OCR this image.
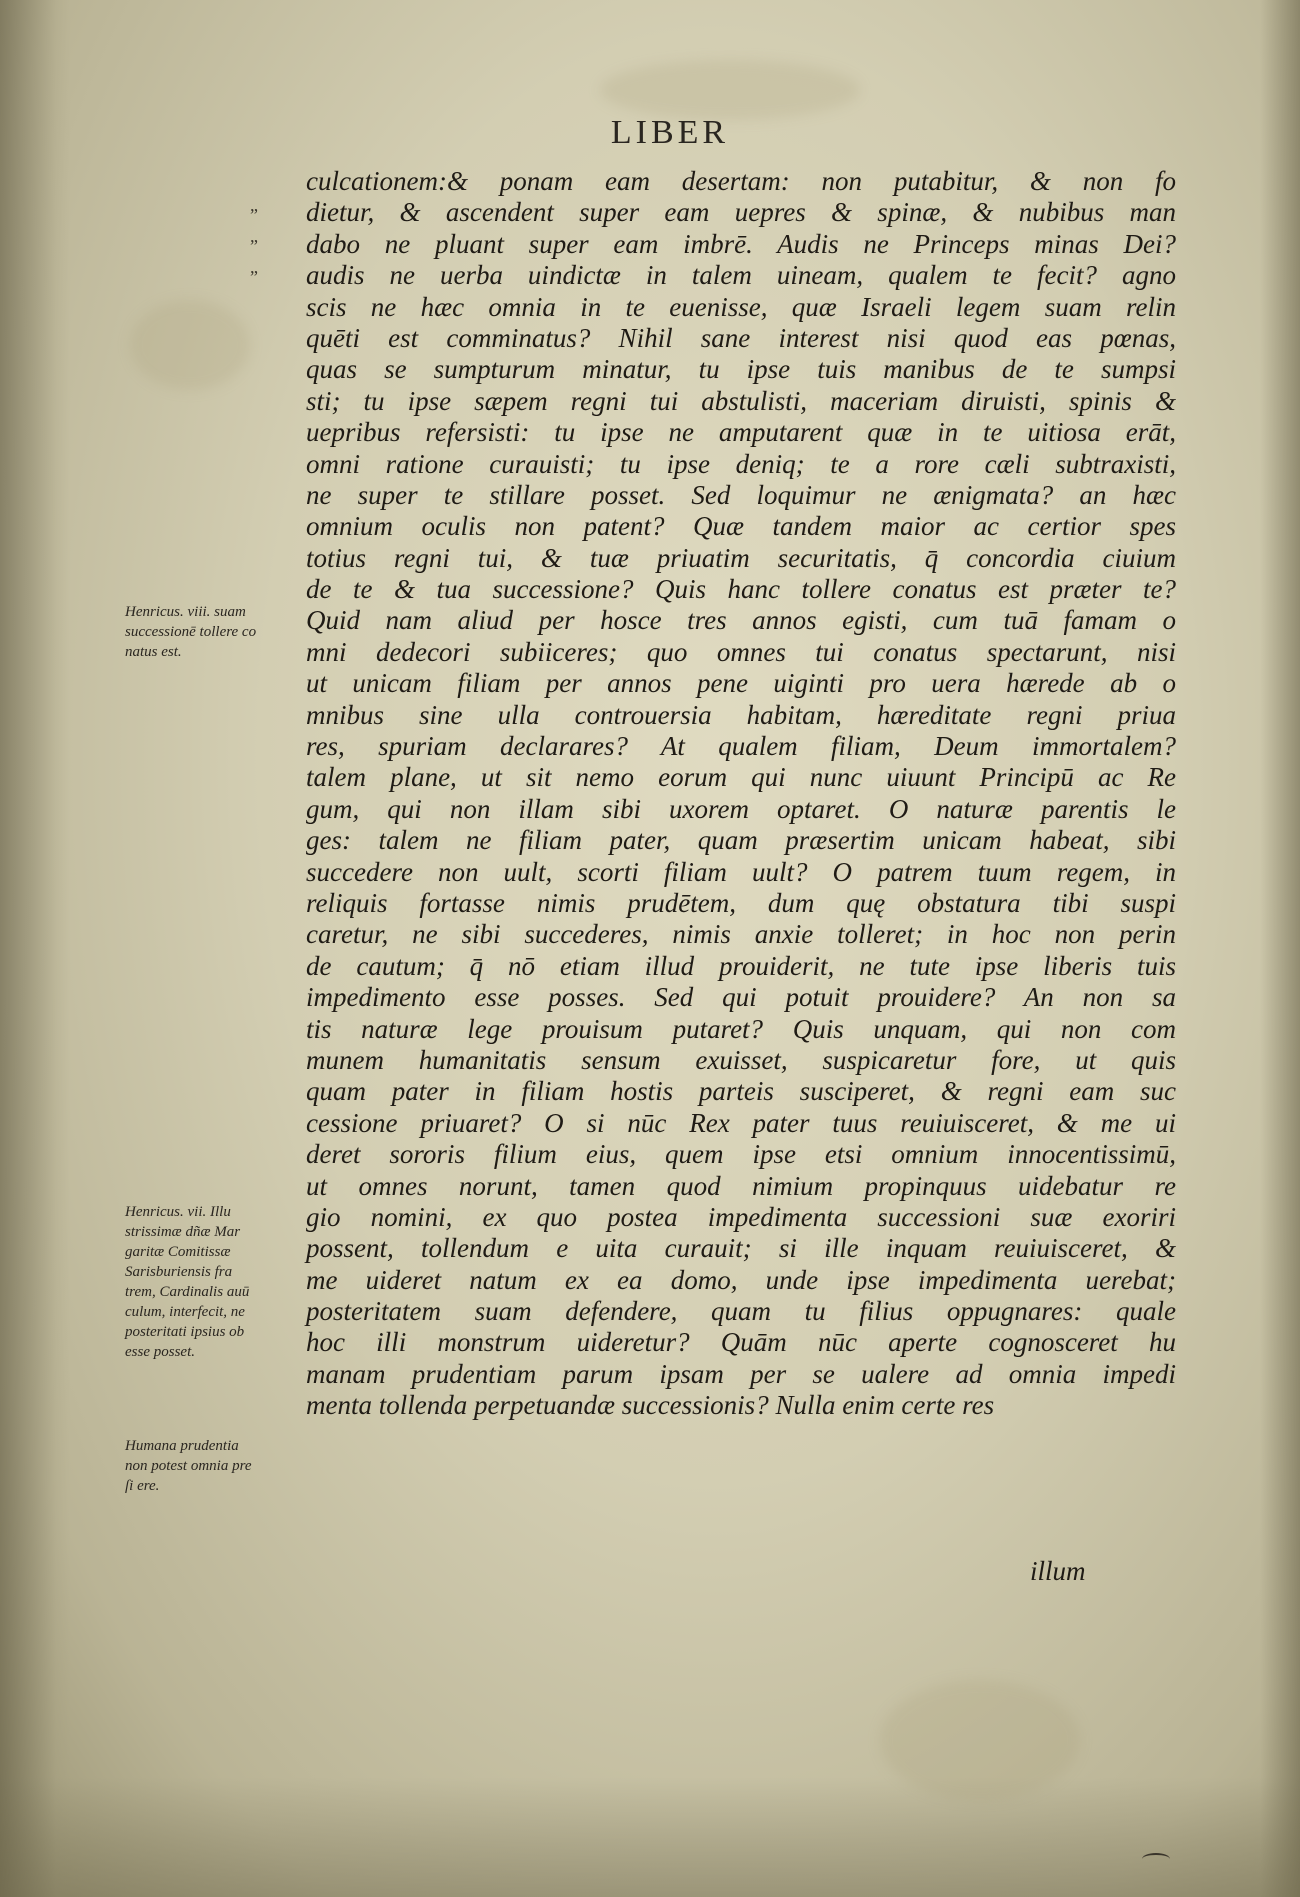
LIBER
„
„
„
culcationem:& ponam eam desertam: non putabitur, & non fo
dietur, & ascendent super eam uepres & spinæ, & nubibus man
dabo ne pluant super eam imbrē. Audis ne Princeps minas Dei?
audis ne uerba uindictæ in talem uineam, qualem te fecit? agno
scis ne hæc omnia in te euenisse, quæ Israeli legem suam relin
quēti est comminatus? Nihil sane interest nisi quod eas pœnas,
quas se sumpturum minatur, tu ipse tuis manibus de te sumpsi
sti; tu ipse sæpem regni tui abstulisti, maceriam diruisti, spinis &
uepribus refersisti: tu ipse ne amputarent quæ in te uitiosa erāt,
omni ratione curauisti; tu ipse deniq; te a rore cæli subtraxisti,
ne super te stillare posset. Sed loquimur ne ænigmata? an hæc
omnium oculis non patent? Quæ tandem maior ac certior spes
totius regni tui, & tuæ priuatim securitatis, q̄ concordia ciuium
de te & tua successione? Quis hanc tollere conatus est præter te?
Quid nam aliud per hosce tres annos egisti, cum tuā famam o
mni dedecori subiiceres; quo omnes tui conatus spectarunt, nisi
ut unicam filiam per annos pene uiginti pro uera hærede ab o
mnibus sine ulla controuersia habitam, hæreditate regni priua
res, spuriam declarares? At qualem filiam, Deum immortalem?
talem plane, ut sit nemo eorum qui nunc uiuunt Principū ac Re
gum, qui non illam sibi uxorem optaret. O naturæ parentis le
ges: talem ne filiam pater, quam præsertim unicam habeat, sibi
succedere non uult, scorti filiam uult? O patrem tuum regem, in
reliquis fortasse nimis prudētem, dum quę obstatura tibi suspi
caretur, ne sibi succederes, nimis anxie tolleret; in hoc non perin
de cautum; q̄ nō etiam illud prouiderit, ne tute ipse liberis tuis
impedimento esse posses. Sed qui potuit prouidere? An non sa
tis naturæ lege prouisum putaret? Quis unquam, qui non com
munem humanitatis sensum exuisset, suspicaretur fore, ut quis
quam pater in filiam hostis parteis susciperet, & regni eam suc
cessione priuaret? O si nūc Rex pater tuus reuiuisceret, & me ui
deret sororis filium eius, quem ipse etsi omnium innocentissimū,
ut omnes norunt, tamen quod nimium propinquus uidebatur re
gio nomini, ex quo postea impedimenta successioni suæ exoriri
possent, tollendum e uita curauit; si ille inquam reuiuisceret, &
me uideret natum ex ea domo, unde ipse impedimenta uerebat;
posteritatem suam defendere, quam tu filius oppugnares: quale
hoc illi monstrum uideretur? Quām nūc aperte cognosceret hu
manam prudentiam parum ipsam per se ualere ad omnia impedi
menta tollenda perpetuandæ successionis? Nulla enim certe res
illum
Henricus. viii. suam
successionē tollere co
natus est.
Henricus. vii. Illu
strissimæ dñæ Mar
garitæ Comitissæ
Sarisburiensis fra
trem, Cardinalis auū
culum, interfecit, ne
posteritati ipsius ob
esse posset.
Humana prudentia
non potest omnia pre
ſi ere.
